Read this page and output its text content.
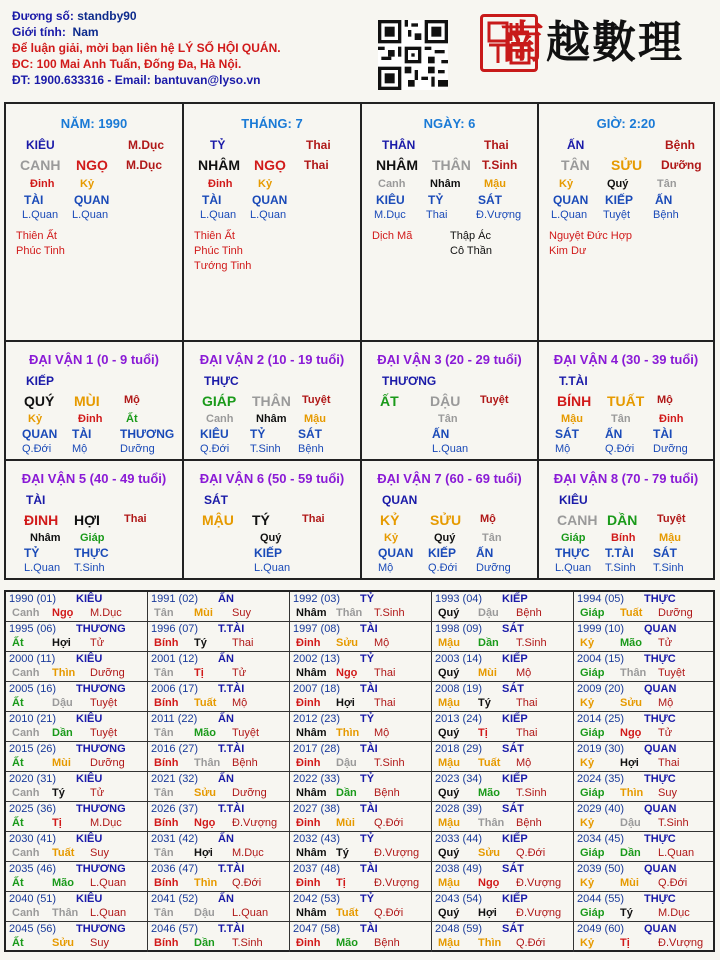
Đương số: standby90
Giới tính: Nam
Để luận giải, mời bạn liên hệ LÝ SỐ HỘI QUÁN.
ĐC: 100 Mai Anh Tuấn, Đống Đa, Hà Nội.
ĐT: 1900.633316 - Email: bantuvan@lyso.vn
南越數理
NĂM: 1990
KIÊU	M.Dục
CANH NGỌ M.Dục
Đinh
TÀI
L.Quan
Kỷ
QUAN
L.Quan
Thiên Ất
Phúc Tinh
THÁNG: 7
TỶ	Thai
NHÂM NGỌ Thai
Đinh
TÀI
L.Quan
Kỷ
QUAN
L.Quan
Thiên Ất
Phúc Tinh
Tướng Tinh
NGÀY: 6
THÂN	Thai
NHÂM THÂN T.Sinh
Canh
KIÊU
M.Dục
Nhâm
TỶ
Thai
Mậu
SÁT
Đ.Vượng
Dịch Mã	Thập Ác
Cô Thần
GIỜ: 2:20
ẤN	Bệnh
TÂN SỬU Dưỡng
Kỷ
QUAN
L.Quan
Quý
KIẾP
Tuyệt
Tân
ẤN
Bệnh
Nguyệt Đức Hợp
Kim Dư
ĐẠI VẬN 1 (0 - 9 tuổi)
KIẾP
QUÝ MÙI Mộ
Kỷ
QUAN
Q.Đới
Đinh
TÀI
Mộ
Ất
THƯƠNG
Dưỡng
ĐẠI VẬN 2 (10 - 19 tuổi)
THỰC
GIÁP THÂN Tuyệt
Canh
KIÊU
Q.Đới
Nhâm
TỶ
T.Sinh
Mậu
SÁT
Bệnh
ĐẠI VẬN 3 (20 - 29 tuổi)
THƯƠNG
ẤT DẬU Tuyệt
Tân
ẤN
L.Quan
ĐẠI VẬN 4 (30 - 39 tuổi)
T.TÀI
BÍNH TUẤT Mộ
Mậu
SÁT
Mộ
Tân
ẤN
Q.Đới
Đinh
TÀI
Dưỡng
ĐẠI VẬN 5 (40 - 49 tuổi)
TÀI
ĐINH HỢI Thai
Nhâm
TỶ
L.Quan
Giáp
THỰC
T.Sinh
ĐẠI VẬN 6 (50 - 59 tuổi)
SÁT
MẬU TÝ	Thai
Quý
KIẾP
L.Quan
ĐẠI VẬN 7 (60 - 69 tuổi)
QUAN
KỶ SỬU Mộ
Kỷ
QUAN
Mộ
Quý
KIẾP
Q.Đới
Tân
ẤN
Dưỡng
ĐẠI VẬN 8 (70 - 79 tuổi)
KIÊU
CANH DẦN Tuyệt
Giáp
THỰC
L.Quan
Bính
T.TÀI
T.Sinh
Mậu
SÁT
T.Sinh
1990 (01) KIÊU
Canh Ngọ M.Dục
1991 (02) ẤN
Tân Mùi Suy
1992 (03) TỶ
Nhâm Thân T.Sinh
1993 (04) KIẾP
Quý Dậu Bệnh
1994 (05) THỰC
Giáp Tuất Dưỡng
1995 (06) THƯƠNG
Ất	Hợi Tử
1996 (07) T.TÀI
Bính Tý Thai
1997 (08) TÀI
Đinh Sửu Mộ
1998 (09) SÁT
Mậu Dần T.Sinh
1999 (10) QUAN
Kỷ Mão Tử
2000 (11) KIÊU
Canh Thìn Dưỡng
2001 (12) ẤN
Tân Tị	Tử
2002 (13) TỶ
Nhâm Ngọ Thai
2003 (14) KIẾP
Quý Mùi Mộ
2004 (15) THỰC
Giáp Thân Tuyệt
2005 (16) THƯƠNG
Ất	Dậu Tuyệt
2006 (17) T.TÀI
Bính Tuất Mộ
2007 (18) TÀI
Đinh Hợi Thai
2008 (19) SÁT
Mậu Tý Thai
2009 (20) QUAN
Kỷ Sửu Mộ
2010 (21) KIÊU
Canh Dần Tuyệt
2011 (22) ẤN
Tân Mão Tuyệt
2012 (23) TỶ
Nhâm Thìn Mộ
2013 (24) KIẾP
Quý Tị	Thai
2014 (25) THỰC
Giáp Ngọ Tử
2015 (26) THƯƠNG
Ất	Mùi Dưỡng
2016 (27) T.TÀI
Bính Thân Bệnh
2017 (28) TÀI
Đinh Dậu T.Sinh
2018 (29) SÁT
Mậu Tuất Mộ
2019 (30) QUAN
Kỷ Hợi Thai
2020 (31) KIÊU
Canh Tý Tử
2021 (32) ẤN
Tân Sửu Dưỡng
2022 (33) TỶ
Nhâm Dần Bệnh
2023 (34) KIẾP
Quý Mão T.Sinh
2024 (35) THỰC
Giáp Thìn Suy
2025 (36) THƯƠNG
Ất	Tị	M.Dục
2026 (37) T.TÀI
Bính Ngọ Đ.Vượng
2027 (38) TÀI
Đinh Mùi Q.Đới
2028 (39) SÁT
Mậu Thân Bệnh
2029 (40) QUAN
Kỷ Dậu T.Sinh
2030 (41) KIÊU
Canh Tuất Suy
2031 (42) ẤN
Tân Hợi M.Dục
2032 (43) TỶ
Nhâm Tý Đ.Vượng
2033 (44) KIẾP
Quý Sửu Q.Đới
2034 (45) THỰC
Giáp Dần L.Quan
2035 (46) THƯƠNG
Ất	Mão L.Quan
2036 (47) T.TÀI
Bính Thìn Q.Đới
2037 (48) TÀI
Đinh Tị	Đ.Vượng
2038 (49) SÁT
Mậu Ngọ Đ.Vượng
2039 (50) QUAN
Kỷ Mùi Q.Đới
2040 (51) KIÊU
Canh Thân L.Quan
2041 (52) ẤN
Tân Dậu L.Quan
2042 (53) TỶ
Nhâm Tuất Q.Đới
2043 (54) KIẾP
Quý Hợi Đ.Vượng
2044 (55) THỰC
Giáp Tý M.Dục
2045 (56) THƯƠNG
Ất	Sửu Suy
2046 (57) T.TÀI
Bính Dần T.Sinh
2047 (58) TÀI
Đinh Mão Bệnh
2048 (59) SÁT
Mậu Thìn Q.Đới
2049 (60) QUAN
Kỷ Tị	Đ.Vượng
